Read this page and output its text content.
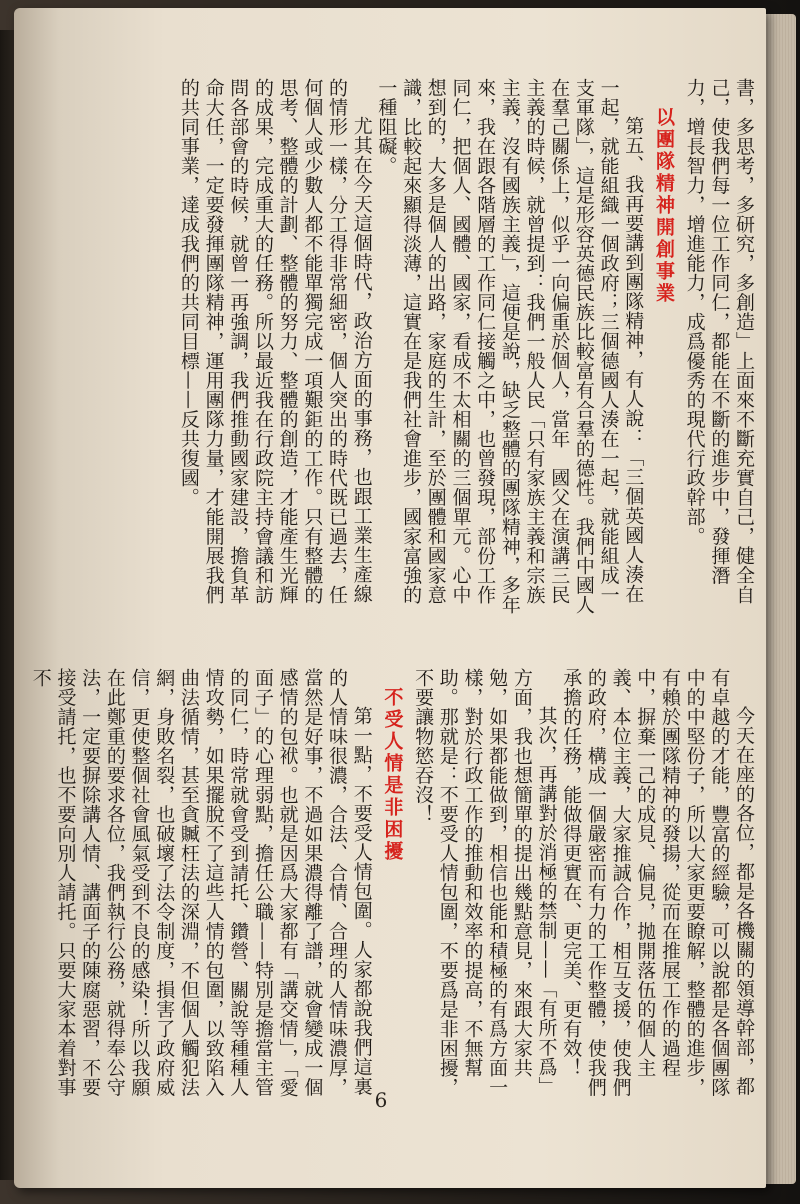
書，多思考，多研究，多創造」上面來不斷充實自己，健全自己，使我們每一位工作同仁，都能在不斷的進步中，發揮潛力，增長智力，增進能力，成爲優秀的現代行政幹部。

以團隊精神開創事業

第五、我再要講到團隊精神，有人說：「三個英國人湊在一起，就能組織一個政府；三個德國人湊在一起，就能組成一支軍隊」，這是形容英德民族比較富有合羣的德性。我們中國人在羣己關係上，似乎一向偏重於個人，當年　國父在演講三民主義的時候，就曾提到：我們一般人民「只有家族主義和宗族主義，沒有國族主義」，這便是說，缺乏整體的團隊精神，多年來，我在跟各階層的工作同仁接觸之中，也曾發現，部份工作同仁，把個人、國體、國家，看成不太相關的三個單元。心中想到的，大多是個人的出路，家庭的生計，至於團體和國家意識，比較起來顯得淡薄，這實在是我們社會進步，國家富強的一種阻礙。

尤其在今天這個時代，政治方面的事務，也跟工業生產線的情形一樣，分工得非常細密，個人突出的時代既已過去，任何個人或少數人都不能單獨完成一項艱鉅的工作。只有整體的思考、整體的計劃、整體的努力、整體的創造，才能產生光輝的成果，完成重大的任務。所以最近我在行政院主持會議和訪問各部會的時候，就曾一再強調，我們推動國家建設，擔負革命大任，一定要發揮團隊精神，運用團隊力量，才能開展我們的共同事業，達成我們的共同目標——反共復國。

今天在座的各位，都是各機關的領導幹部，都有卓越的才能，豐富的經驗，可以說都是各個團隊中的中堅份子，所以大家更要瞭解，整體的進步，有賴於團隊精神的發揚，從而在推展工作的過程中，摒棄一己的成見、偏見，拋開落伍的個人主義、本位主義，大家推誠合作，相互支援，使我們的政府，構成一個嚴密而有力的工作整體，使我們承擔的任務，能做得更實在、更完美、更有效！

其次，再講對於消極的禁制——「有所不爲」方面，我也想簡單的提出幾點意見，來跟大家共勉，如果都能做到，相信也能和積極的有爲方面一樣，對於行政工作的推動和效率的提高，不無幫助。那就是：不要受人情包圍，不要爲是非困擾，不要讓物慾吞沒！

不受人情是非困擾

第一點，不要受人情包圍。人家都說我們這裏的人情味很濃，合法、合情、合理的人情味濃厚，當然是好事，不過如果濃得離了譜，就會變成一個感情的包袱。也就是因爲大家都有「講交情」，「愛面子」的心理弱點，擔任公職——特別是擔當主管的同仁，時常就會受到請托、鑽營、關說等種種人情攻勢，如果擺脫不了這些人情的包圍，以致陷入曲法循情，甚至貪贓枉法的深淵，不但個人觸犯法網，身敗名裂，也破壞了法令制度，損害了政府威信，更使整個社會風氣受到不良的感染！所以我願在此鄭重的要求各位，我們執行公務，就得奉公守法，一定要摒除講人情、講面子的陳腐惡習，不要接受請托，也不要向別人請托。只要大家本着對事不

6
